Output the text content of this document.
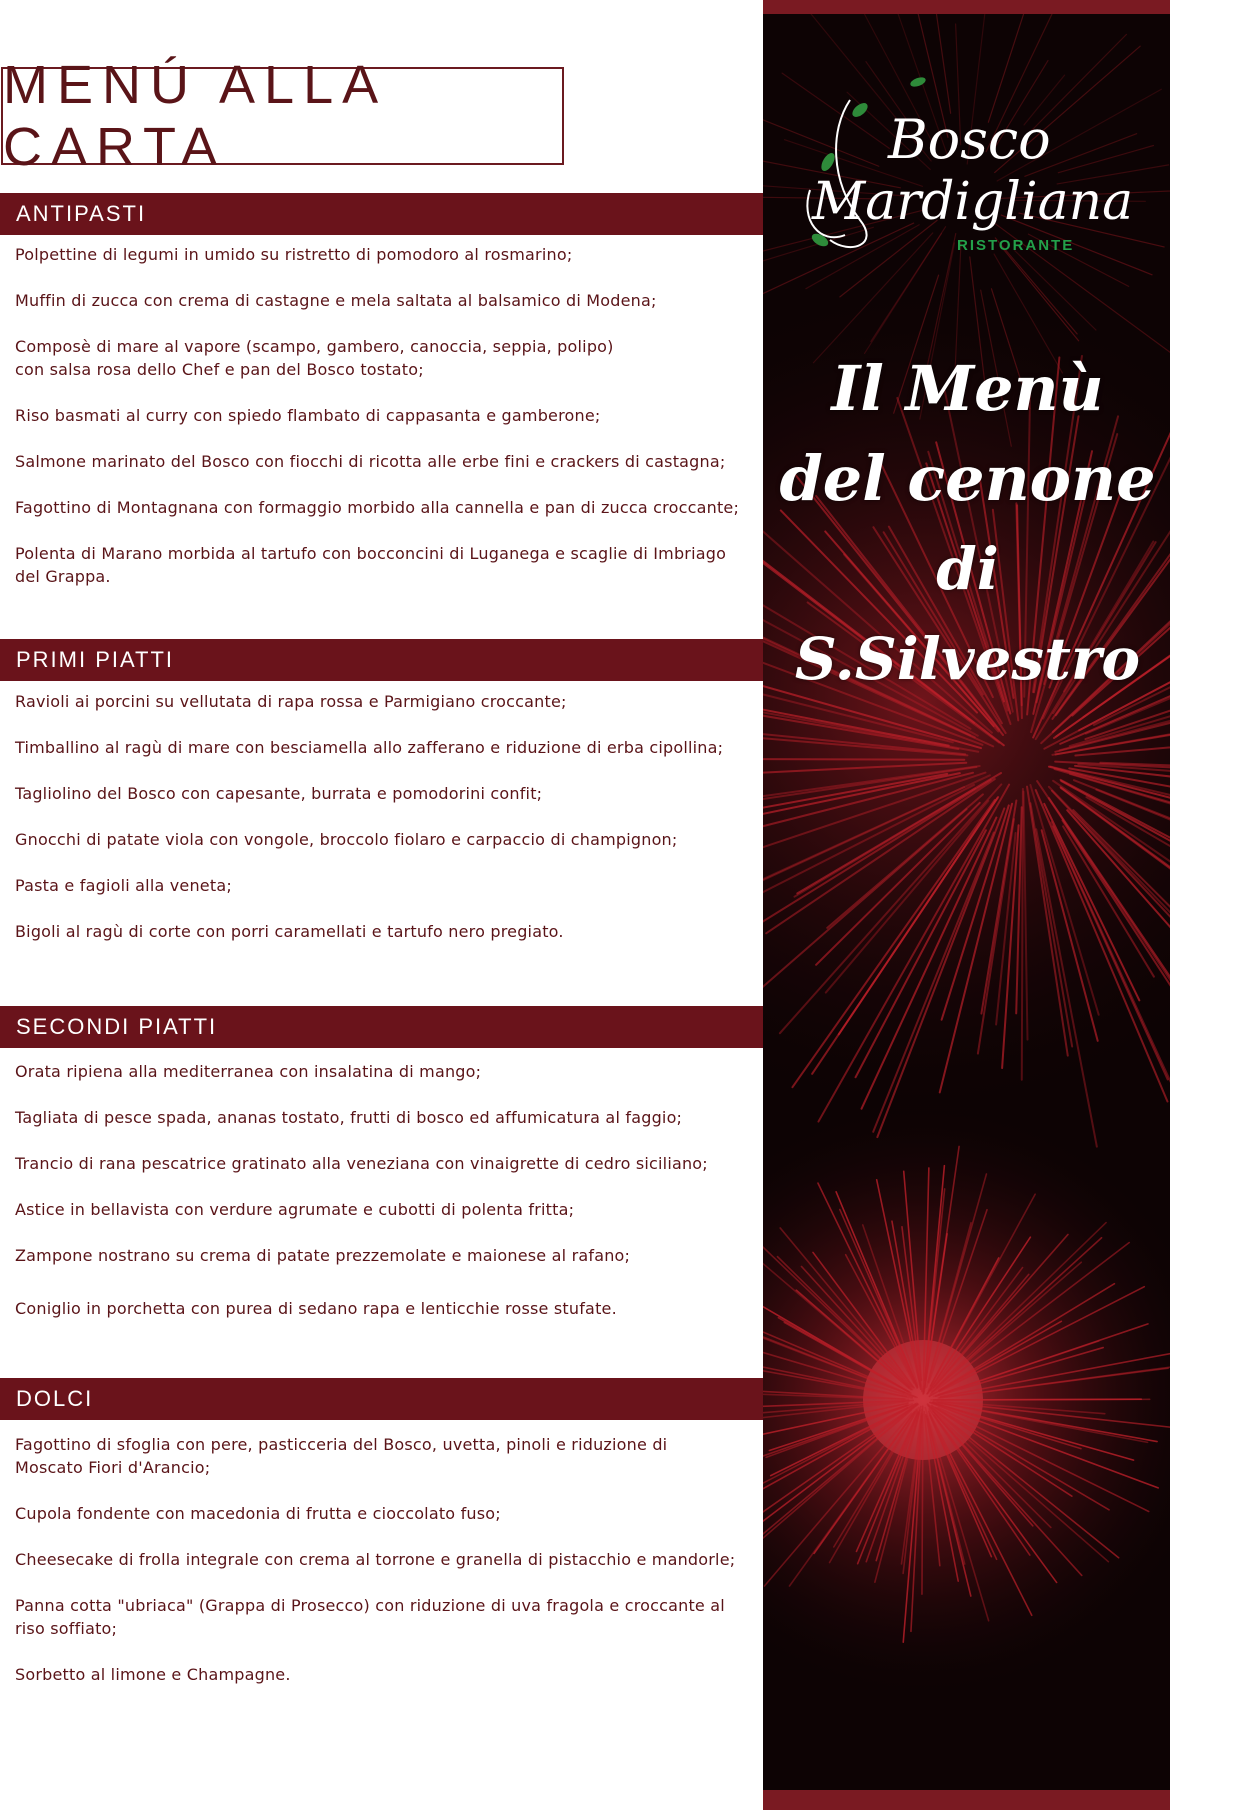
MENÚ ALLA CARTA
ANTIPASTI
Polpettine di legumi in umido su ristretto di pomodoro al rosmarino;
Muffin di zucca con crema di castagne e mela saltata al balsamico di Modena;
Composè di mare al vapore (scampo, gambero, canoccia, seppia, polipo)
con salsa rosa dello Chef e pan del Bosco tostato;
Riso basmati al curry con spiedo flambato di cappasanta e gamberone;
Salmone marinato del Bosco con fiocchi di ricotta alle erbe fini e crackers di castagna;
Fagottino di Montagnana con formaggio morbido alla cannella e pan di zucca croccante;
Polenta di Marano morbida al tartufo con bocconcini di Luganega e scaglie di Imbriago
del Grappa.
PRIMI PIATTI
Ravioli ai porcini su vellutata di rapa rossa e Parmigiano croccante;
Timballino al ragù di mare con besciamella allo zafferano e riduzione di erba cipollina;
Tagliolino del Bosco con capesante, burrata e pomodorini confit;
Gnocchi di patate viola con vongole, broccolo fiolaro e carpaccio di champignon;
Pasta e fagioli alla veneta;
Bigoli al ragù di corte con porri caramellati e tartufo nero pregiato.
SECONDI PIATTI
Orata ripiena alla mediterranea con insalatina di mango;
Tagliata di pesce spada, ananas tostato, frutti di bosco ed affumicatura al faggio;
Trancio di rana pescatrice gratinato alla veneziana con vinaigrette di cedro siciliano;
Astice in bellavista con verdure agrumate e cubotti di polenta fritta;
Zampone nostrano su crema di patate prezzemolate e maionese al rafano;
Coniglio in porchetta con purea di sedano rapa e lenticchie rosse stufate.
DOLCI
Fagottino di sfoglia con pere, pasticceria del Bosco, uvetta, pinoli e riduzione di
Moscato Fiori d'Arancio;
Cupola fondente con macedonia di frutta e cioccolato fuso;
Cheesecake di frolla integrale con crema al torrone e granella di pistacchio e mandorle;
Panna cotta "ubriaca" (Grappa di Prosecco) con riduzione di uva fragola e croccante al
riso soffiato;
Sorbetto al limone e Champagne.
Bosco
Mardigliana
RISTORANTE
Il Menù
del cenone
di S.Silvestro
